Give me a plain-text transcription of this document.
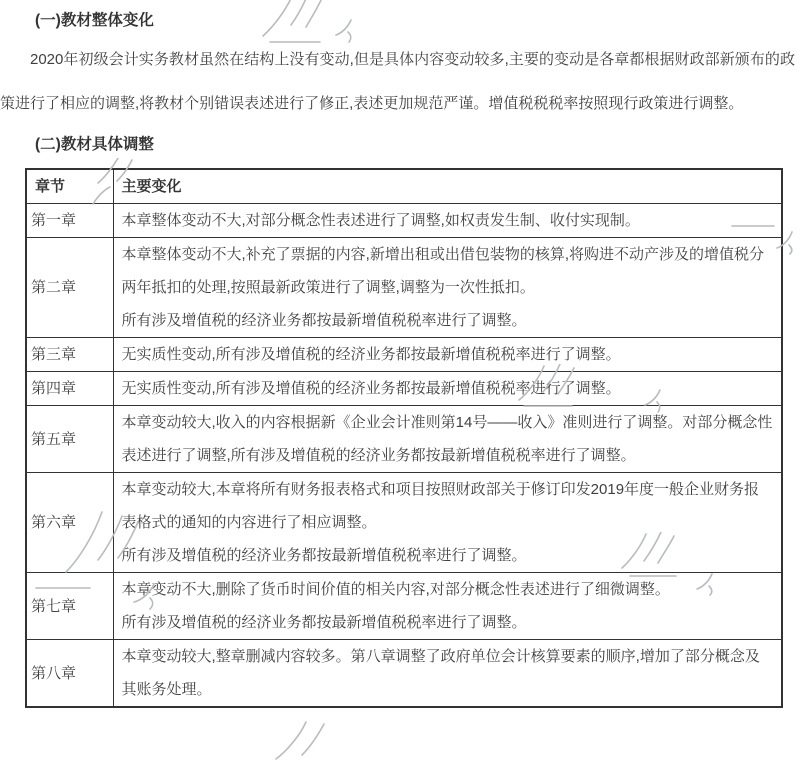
(一)教材整体变化

2020年初级会计实务教材虽然在结构上没有变动,但是具体内容变动较多,主要的变动是各章都根据财政部新颁布的政策进行了相应的调整,将教材个别错误表述进行了修正,表述更加规范严谨。增值税税税率按照现行政策进行调整。

(二)教材具体调整
章节	主要变化
第一章	本章整体变动不大,对部分概念性表述进行了调整,如权责发生制、收付实现制。

第二章	本章整体变动不大,补充了票据的内容,新增出租或出借包装物的核算,将购进不动产涉及的增值税分两年抵扣的处理,按照最新政策进行了调整,调整为一次性抵扣。
所有涉及增值税的经济业务都按最新增值税税率进行了调整。

第三章	无实质性变动,所有涉及增值税的经济业务都按最新增值税税率进行了调整。

第四章	无实质性变动,所有涉及增值税的经济业务都按最新增值税税率进行了调整。

第五章	本章变动较大,收入的内容根据新《企业会计准则第14号——收入》准则进行了调整。对部分概念性表述进行了调整,所有涉及增值税的经济业务都按最新增值税税率进行了调整。

第六章	本章变动较大,本章将所有财务报表格式和项目按照财政部关于修订印发2019年度一般企业财务报表格式的通知的内容进行了相应调整。
所有涉及增值税的经济业务都按最新增值税税率进行了调整。

第七章	本章变动不大,删除了货币时间价值的相关内容,对部分概念性表述进行了细微调整。
所有涉及增值税的经济业务都按最新增值税税率进行了调整。

第八章	本章变动较大,整章删减内容较多。第八章调整了政府单位会计核算要素的顺序,增加了部分概念及其账务处理。
